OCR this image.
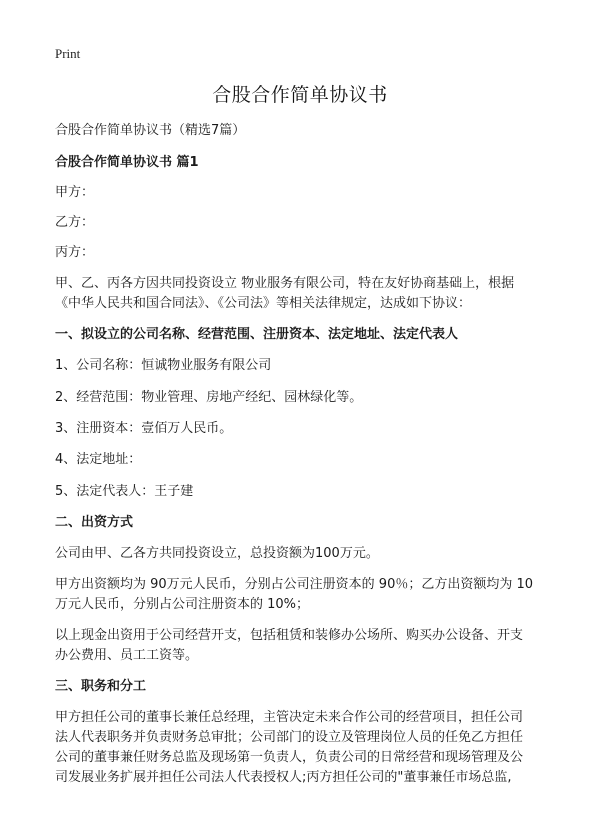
Print
合股合作简单协议书
合股合作简单协议书（精选7篇）
合股合作简单协议书 篇1
甲方：
乙方：
丙方：
甲、乙、丙各方因共同投资设立 物业服务有限公司，特在友好协商基础上，根据
《中华人民共和国合同法》、《公司法》等相关法律规定，达成如下协议：
一、拟设立的公司名称、经营范围、注册资本、法定地址、法定代表人
1、公司名称：恒诚物业服务有限公司
2、经营范围：物业管理、房地产经纪、园林绿化等。
3、注册资本：壹佰万人民币。
4、法定地址：
5、法定代表人：王子建
二、出资方式
公司由甲、乙各方共同投资设立，总投资额为100万元。
甲方出资额均为 90万元人民币，分别占公司注册资本的 90％；乙方出资额均为 10
万元人民币，分别占公司注册资本的 10%；
以上现金出资用于公司经营开支，包括租赁和装修办公场所、购买办公设备、开支
办公费用、员工工资等。
三、职务和分工
甲方担任公司的董事长兼任总经理，主管决定未来合作公司的经营项目，担任公司
法人代表职务并负责财务总审批；公司部门的设立及管理岗位人员的任免乙方担任
公司的董事兼任财务总监及现场第一负责人，负责公司的日常经营和现场管理及公
司发展业务扩展并担任公司法人代表授权人;丙方担任公司的"董事兼任市场总监,
